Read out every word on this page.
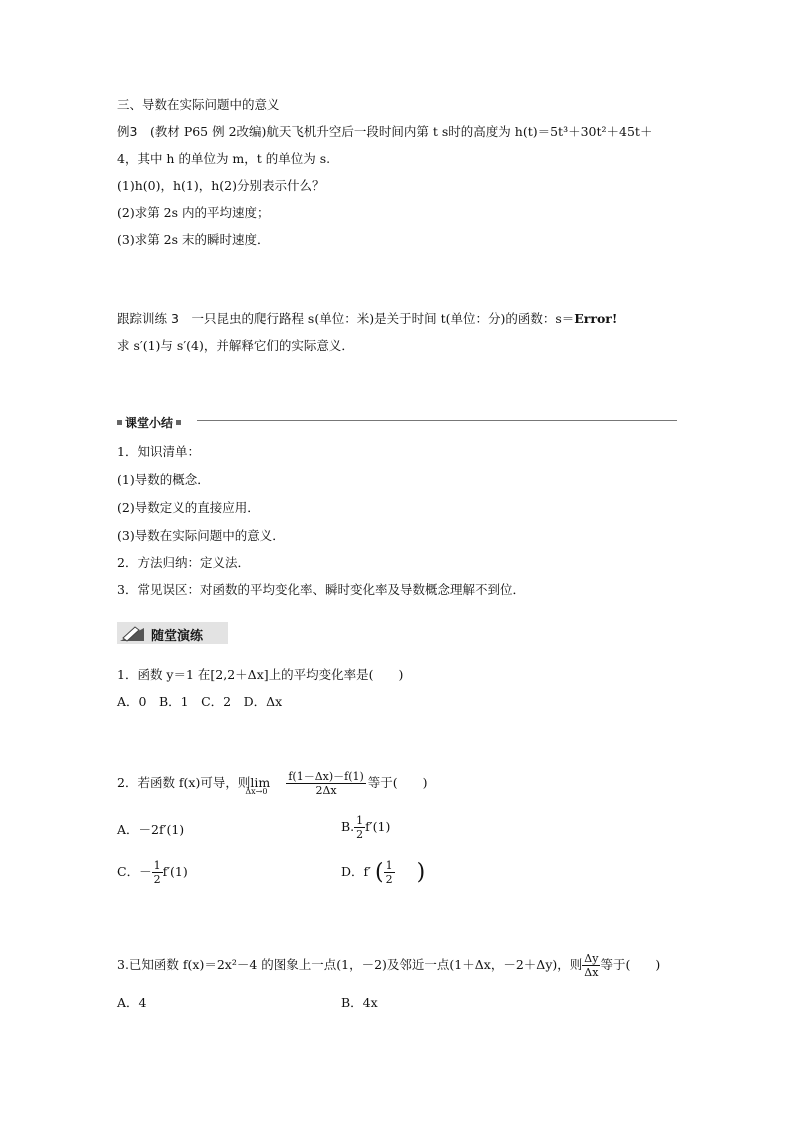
三、导数在实际问题中的意义
例3　 (教材 P65 例 2改编)航天飞机升空后一段时间内第 t s时的高度为 h(t)＝5t³＋30t²＋45t＋
4，其中 h 的单位为 m，t 的单位为 s.
(1)h(0)，h(1)，h(2)分别表示什么？
(2)求第 2s 内的平均速度；
(3)求第 2s 末的瞬时速度．
跟踪训练 3　 一只昆虫的爬行路程 s(单位：米)是关于时间 t(单位：分)的函数：s＝Error!
求 s′(1)与 s′(4)，并解释它们的实际意义．
课堂小结
1．知识清单：
(1)导数的概念．
(2)导数定义的直接应用．
(3)导数在实际问题中的意义．
2．方法归纳：定义法．
3．常见误区：对函数的平均变化率、瞬时变化率及导数概念理解不到位．
随堂演练
1．函数 y＝1 在[2,2＋Δx]上的平均变化率是(　　)
A．0　B．1　C．2　D．Δx
2．若函数 f(x)可导，则lim
Δx→0
$\frac{f(1-\Delta x)-f(1)}{2\Delta x}$ 等于(　　)
A．－2f′(1)	B. $\frac{1}{2} f'(1)$
C．－ $\frac{1}{2} f'(1)$	D．f′ ( $\frac{1}{2}$ )
3.已知函数 f(x)＝2x²－4 的图象上一点(1，－2)及邻近一点(1＋Δx，－2＋Δy)，则 $\frac{\Delta y}{\Delta x}$ 等于(　　)
A．4	B．4x
